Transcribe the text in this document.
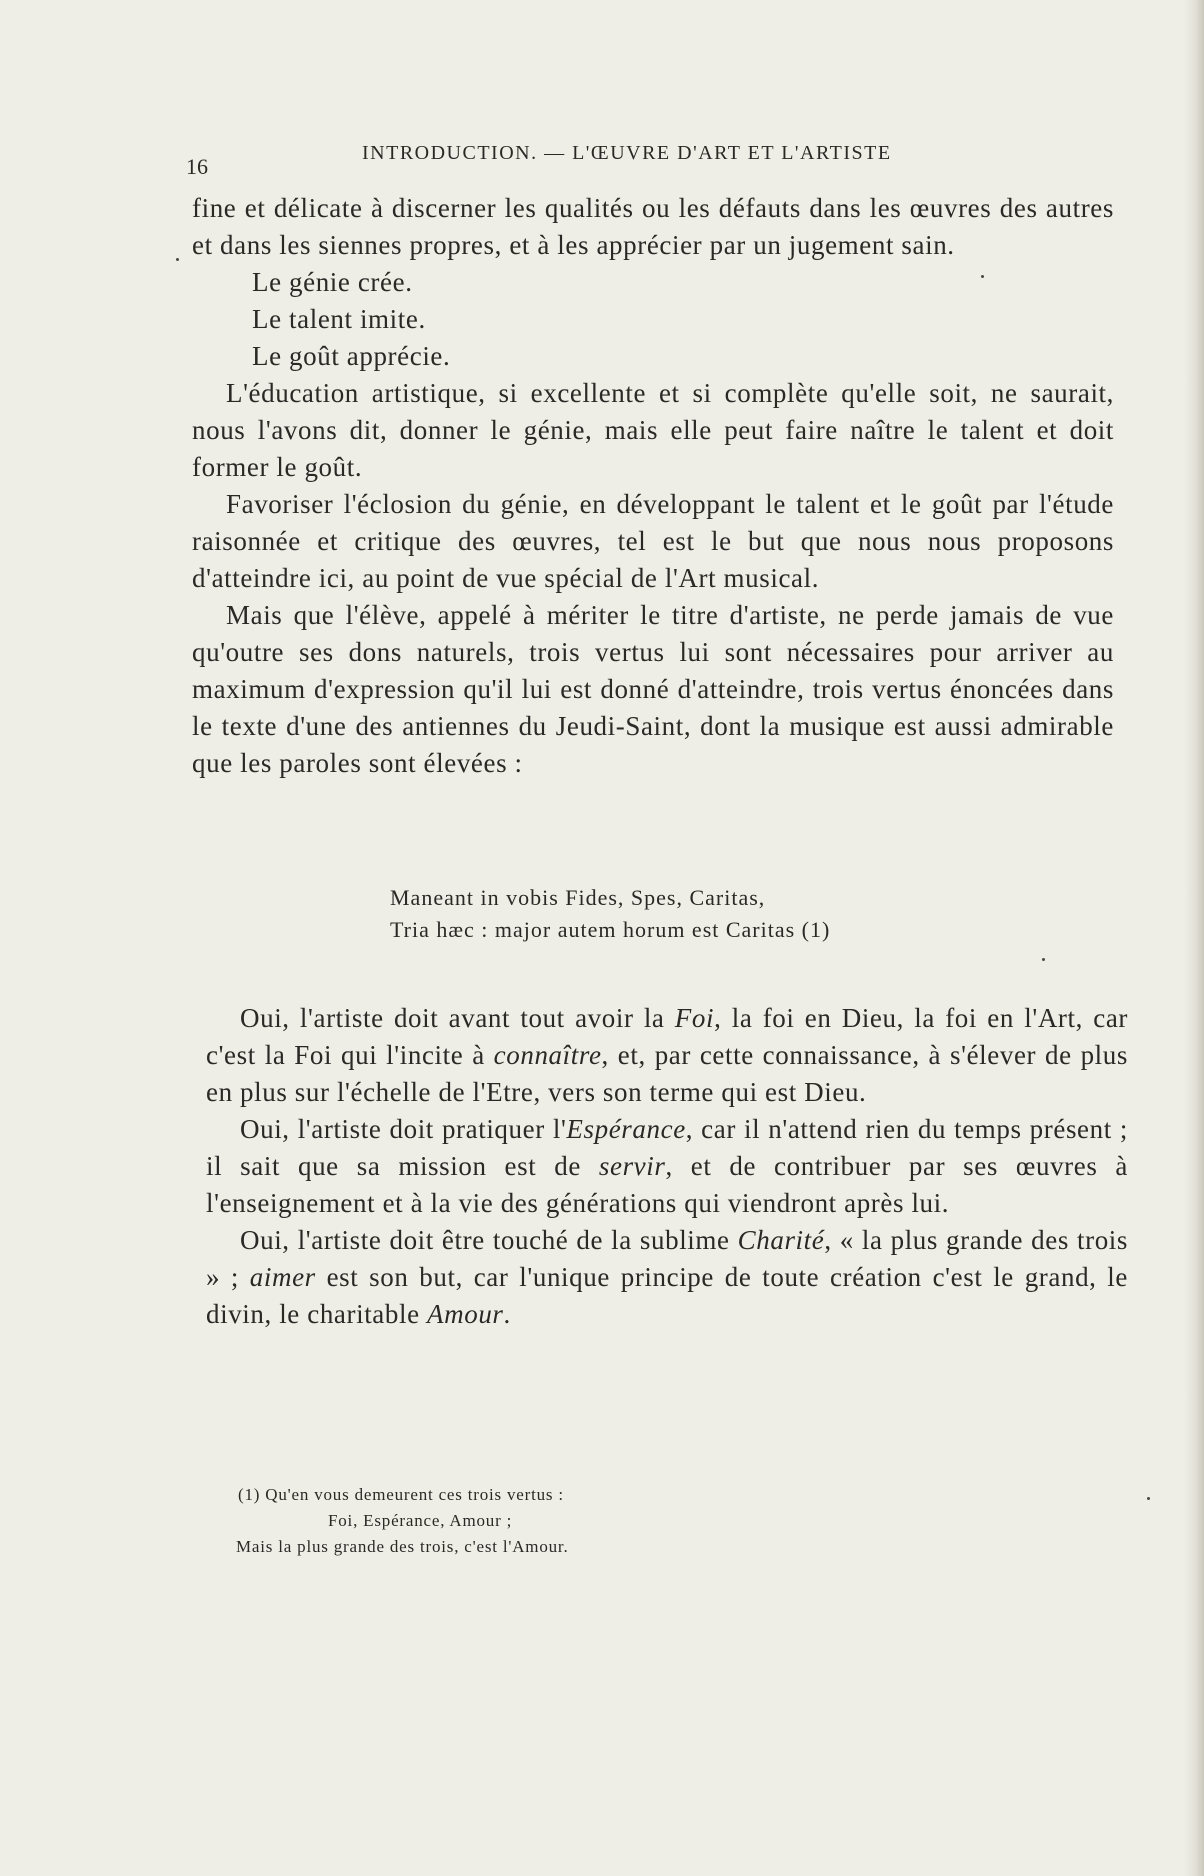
16
INTRODUCTION. — L'ŒUVRE D'ART ET L'ARTISTE

fine et délicate à discerner les qualités ou les défauts dans les œuvres des autres et dans les siennes propres, et à les apprécier par un jugement sain.

Le génie crée.

Le talent imite.

Le goût apprécie.

L'éducation artistique, si excellente et si complète qu'elle soit, ne saurait, nous l'avons dit, donner le génie, mais elle peut faire naître le talent et doit former le goût.

Favoriser l'éclosion du génie, en développant le talent et le goût par l'étude raisonnée et critique des œuvres, tel est le but que nous nous proposons d'atteindre ici, au point de vue spécial de l'Art musical.

Mais que l'élève, appelé à mériter le titre d'artiste, ne perde jamais de vue qu'outre ses dons naturels, trois vertus lui sont nécessaires pour arriver au maximum d'expression qu'il lui est donné d'atteindre, trois vertus énoncées dans le texte d'une des antiennes du Jeudi-Saint, dont la musique est aussi admirable que les paroles sont élevées :

Maneant in vobis Fides, Spes, Caritas,

Tria hæc : major autem horum est Caritas (1)

Oui, l'artiste doit avant tout avoir la Foi, la foi en Dieu, la foi en l'Art, car c'est la Foi qui l'incite à connaître, et, par cette connaissance, à s'élever de plus en plus sur l'échelle de l'Etre, vers son terme qui est Dieu.

Oui, l'artiste doit pratiquer l'Espérance, car il n'attend rien du temps présent ; il sait que sa mission est de servir, et de contribuer par ses œuvres à l'enseignement et à la vie des générations qui viendront après lui.

Oui, l'artiste doit être touché de la sublime Charité, « la plus grande des trois » ; aimer est son but, car l'unique principe de toute création c'est le grand, le divin, le charitable Amour.

(1) Qu'en vous demeurent ces trois vertus :

Foi, Espérance, Amour ;

Mais la plus grande des trois, c'est l'Amour.
